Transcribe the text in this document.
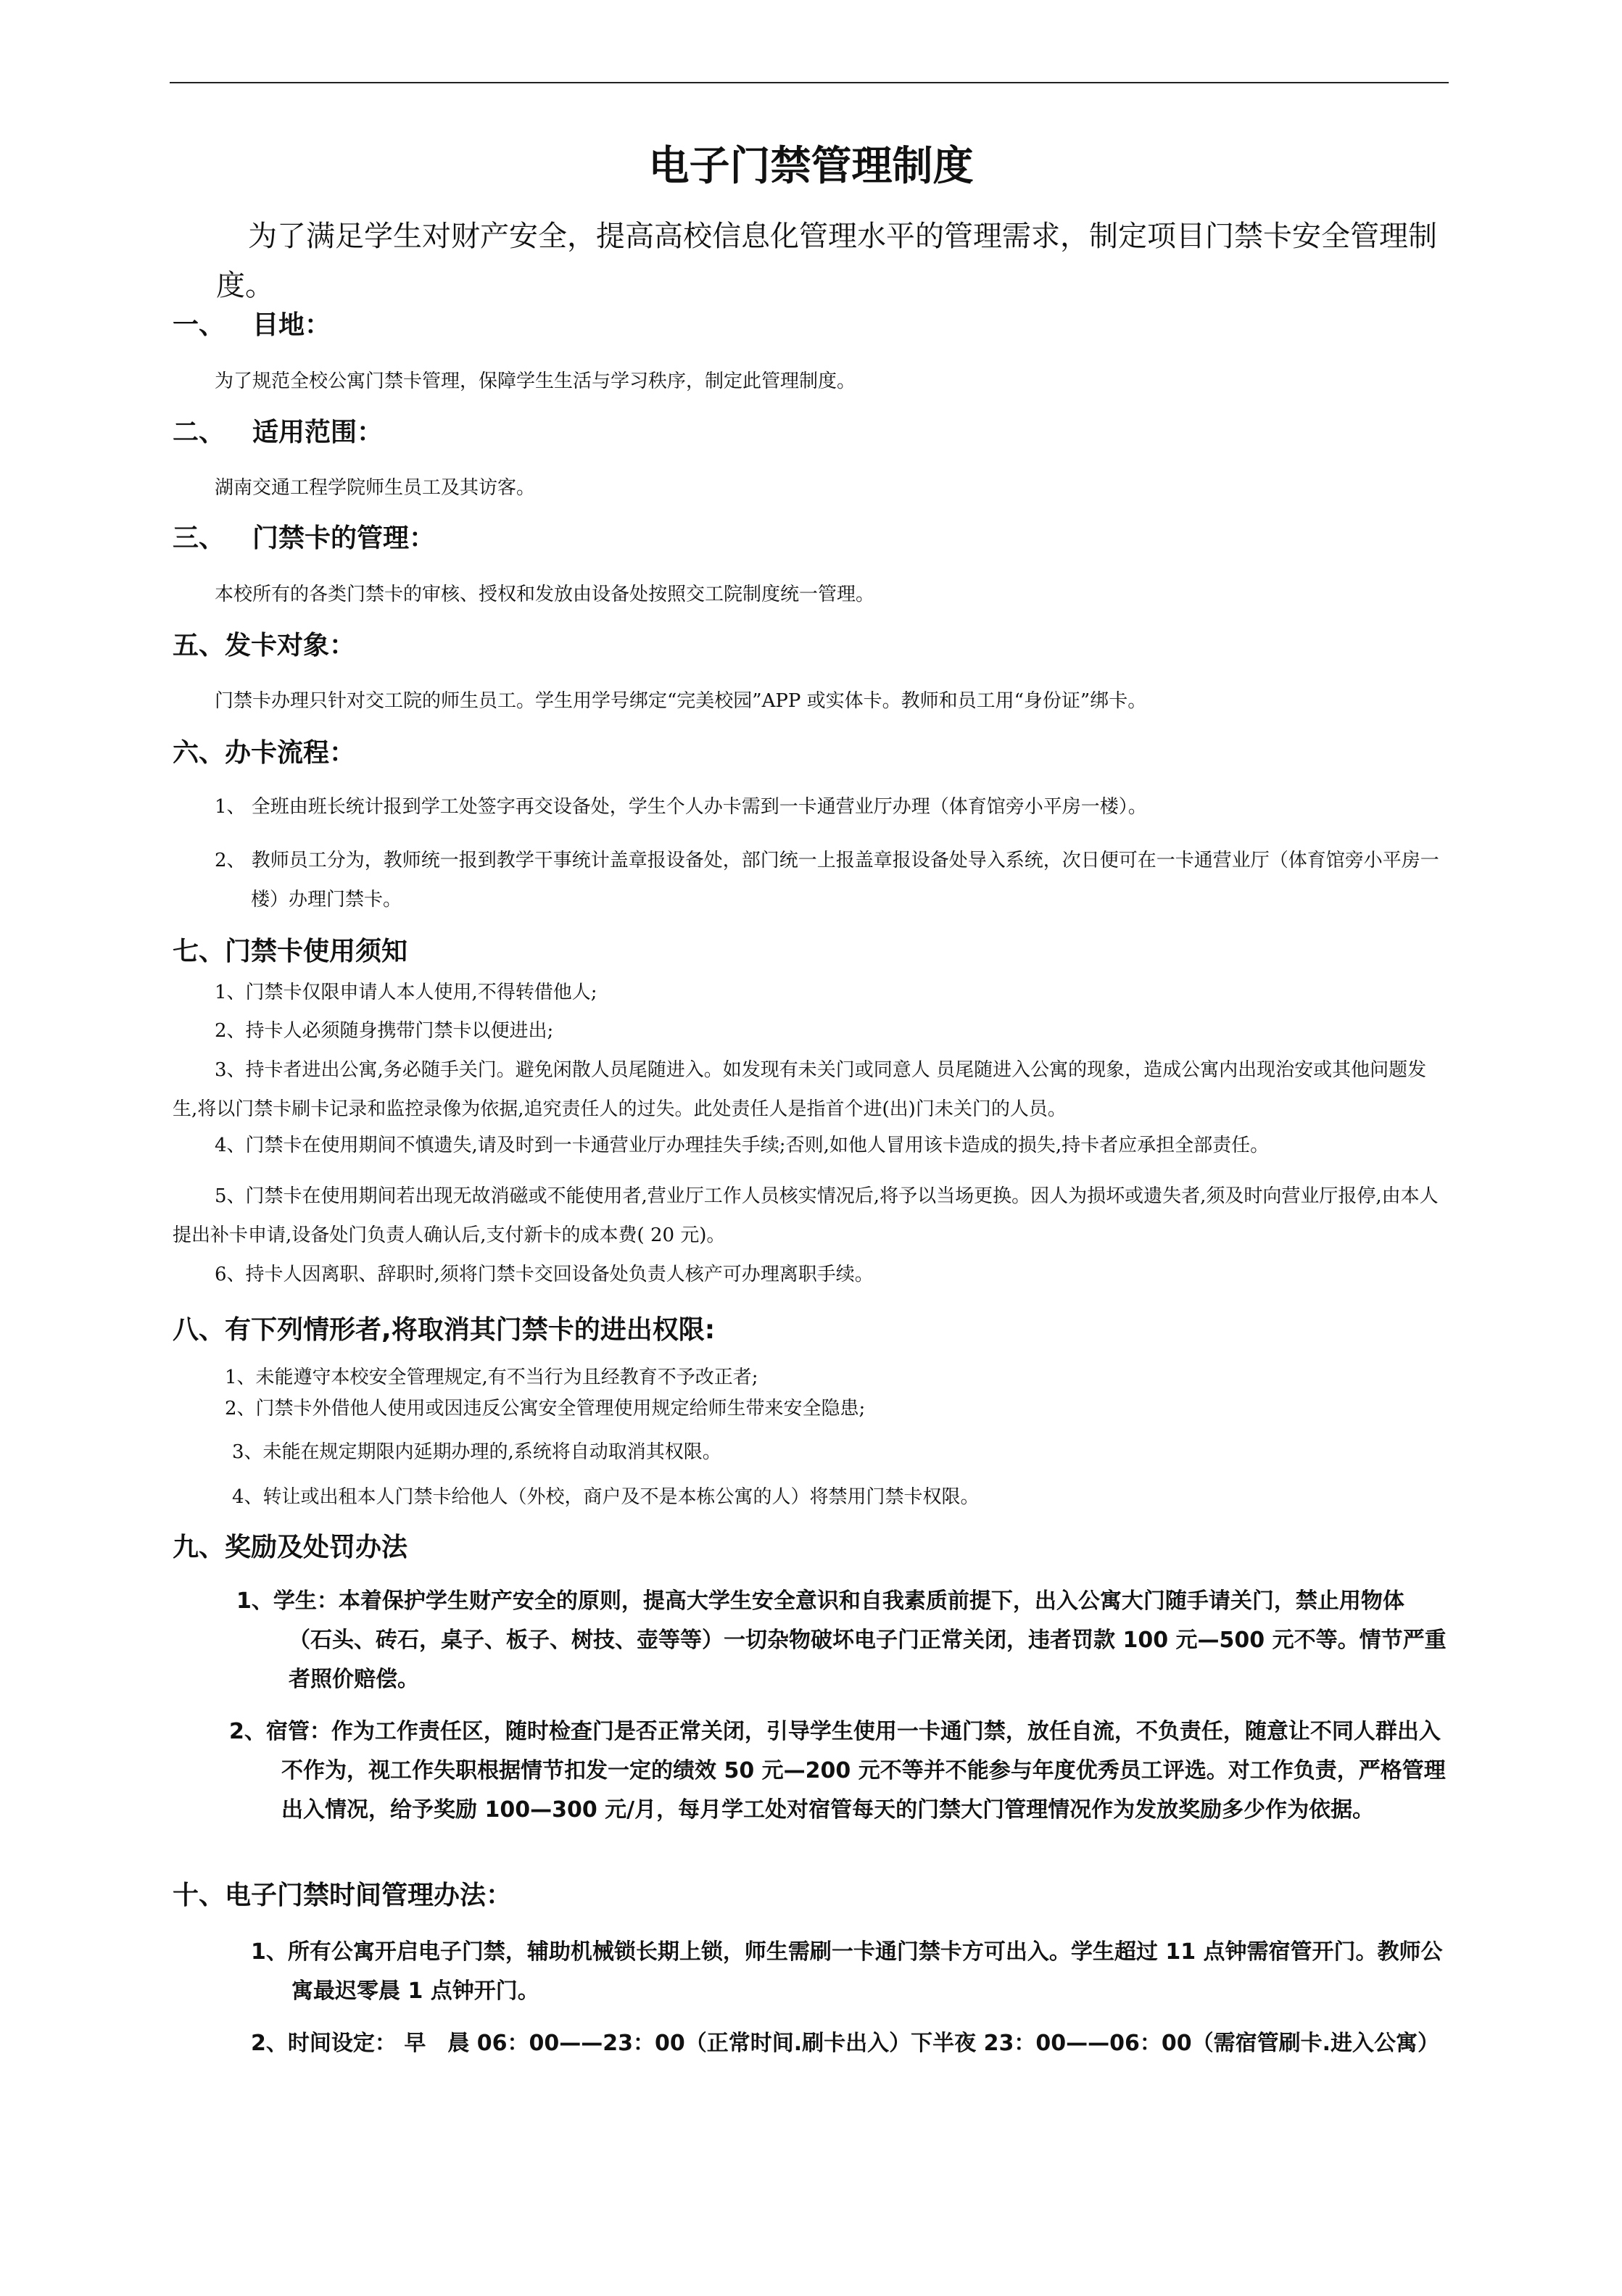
电子门禁管理制度
为了满足学生对财产安全，提高高校信息化管理水平的管理需求，制定项目门禁卡安全管理制度。
一、 目地：
为了规范全校公寓门禁卡管理，保障学生生活与学习秩序，制定此管理制度。
二、 适用范围：
湖南交通工程学院师生员工及其访客。
三、 门禁卡的管理：
本校所有的各类门禁卡的审核、授权和发放由设备处按照交工院制度统一管理。
五、发卡对象：
门禁卡办理只针对交工院的师生员工。学生用学号绑定“完美校园”APP 或实体卡。教师和员工用“身份证”绑卡。
六、办卡流程：
1、 全班由班长统计报到学工处签字再交设备处，学生个人办卡需到一卡通营业厅办理（体育馆旁小平房一楼）。
2、 教师员工分为，教师统一报到教学干事统计盖章报设备处，部门统一上报盖章报设备处导入系统，次日便可在一卡通营业厅（体育馆旁小平房一楼）办理门禁卡。
七、门禁卡使用须知
1、门禁卡仅限申请人本人使用,不得转借他人;
2、持卡人必须随身携带门禁卡以便进出;
3、持卡者进出公寓,务必随手关门。避免闲散人员尾随进入。如发现有未关门或同意人 员尾随进入公寓的现象，造成公寓内出现治安或其他问题发生,将以门禁卡刷卡记录和监控录像为依据,追究责任人的过失。此处责任人是指首个进(出)门未关门的人员。
4、门禁卡在使用期间不慎遗失,请及时到一卡通营业厅办理挂失手续;否则,如他人冒用该卡造成的损失,持卡者应承担全部责任。
5、门禁卡在使用期间若出现无故消磁或不能使用者,营业厅工作人员核实情况后,将予以当场更换。因人为损坏或遗失者,须及时向营业厅报停,由本人提出补卡申请,设备处门负责人确认后,支付新卡的成本费( 20 元)。
6、持卡人因离职、辞职时,须将门禁卡交回设备处负责人核产可办理离职手续。
八、有下列情形者,将取消其门禁卡的进出权限:
1、未能遵守本校安全管理规定,有不当行为且经教育不予改正者;
2、门禁卡外借他人使用或因违反公寓安全管理使用规定给师生带来安全隐患;
3、未能在规定期限内延期办理的,系统将自动取消其权限。
4、转让或出租本人门禁卡给他人（外校，商户及不是本栋公寓的人）将禁用门禁卡权限。
九、奖励及处罚办法
1、学生：本着保护学生财产安全的原则，提高大学生安全意识和自我素质前提下，出入公寓大门随手请关门，禁止用物体（石头、砖石，桌子、板子、树技、壶等等）一切杂物破坏电子门正常关闭，违者罚款 100 元—500 元不等。情节严重者照价赔偿。
2、宿管：作为工作责任区，随时检查门是否正常关闭，引导学生使用一卡通门禁，放任自流，不负责任，随意让不同人群出入不作为，视工作失职根据情节扣发一定的绩效 50 元—200 元不等并不能参与年度优秀员工评选。对工作负责，严格管理出入情况，给予奖励 100—300 元/月，每月学工处对宿管每天的门禁大门管理情况作为发放奖励多少作为依据。
十、电子门禁时间管理办法：
1、所有公寓开启电子门禁，辅助机械锁长期上锁，师生需刷一卡通门禁卡方可出入。学生超过 11 点钟需宿管开门。教师公寓最迟零晨 1 点钟开门。
2、时间设定： 早　晨 06：00——23：00（正常时间.刷卡出入）下半夜 23：00——06：00（需宿管刷卡.进入公寓）
